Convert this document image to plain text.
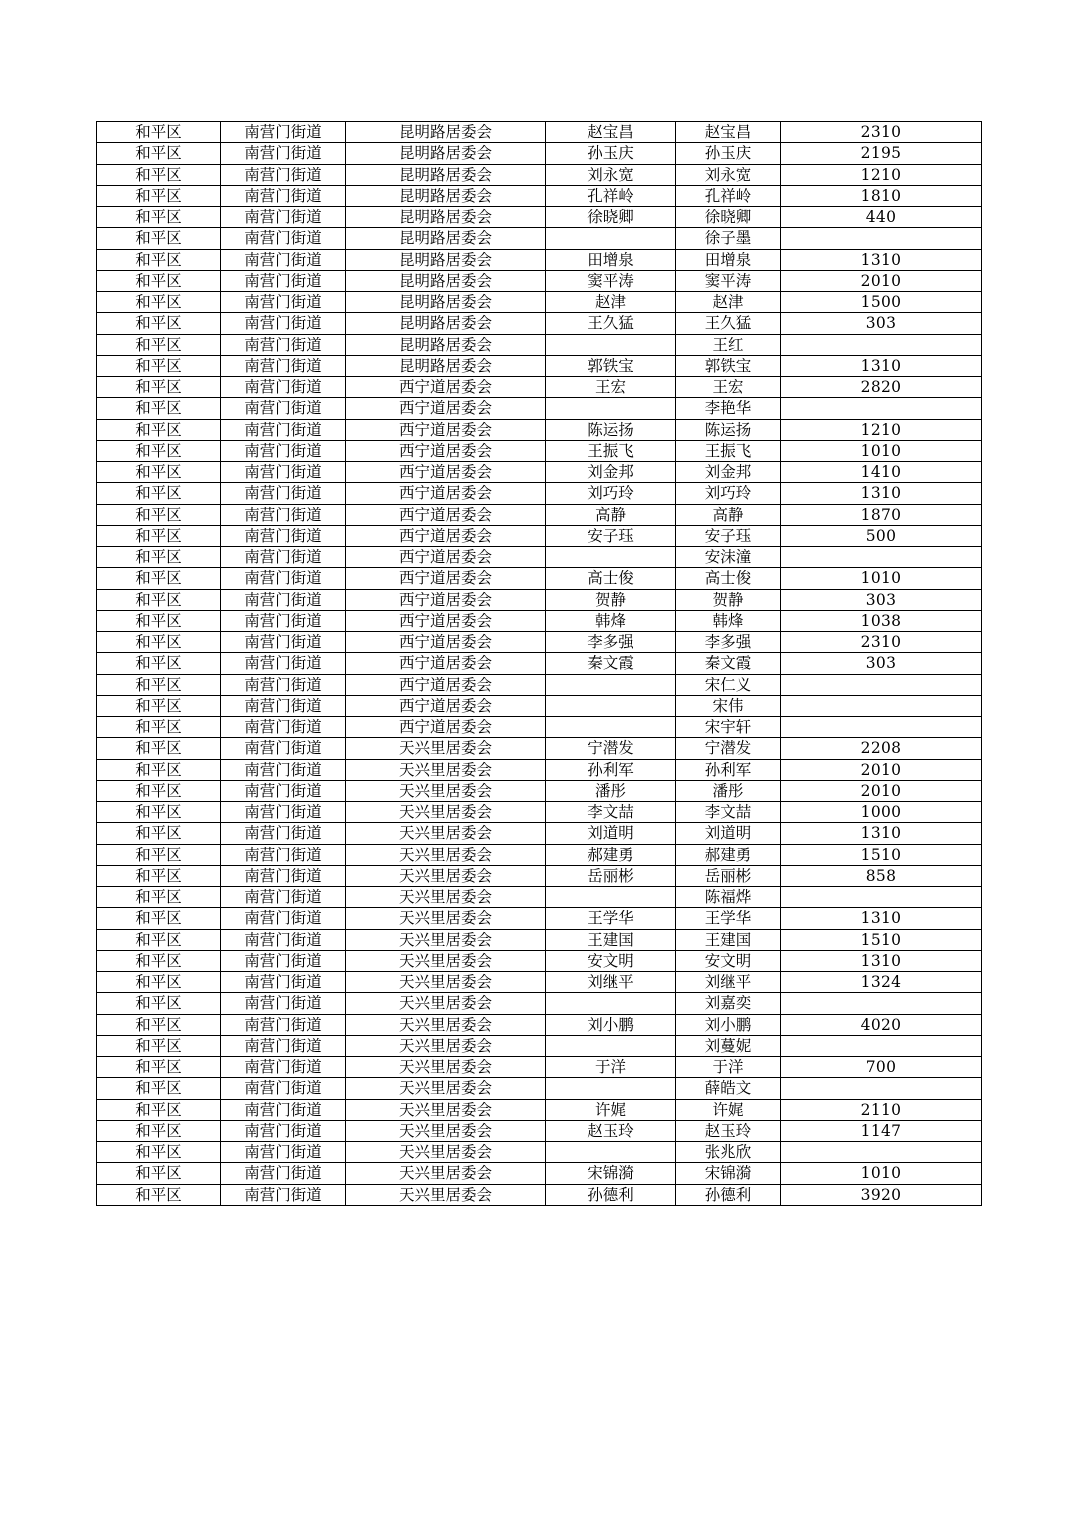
和平区	南营门街道	昆明路居委会	赵宝昌	赵宝昌	2310
和平区	南营门街道	昆明路居委会	孙玉庆	孙玉庆	2195
和平区	南营门街道	昆明路居委会	刘永宽	刘永宽	1210
和平区	南营门街道	昆明路居委会	孔祥岭	孔祥岭	1810
和平区	南营门街道	昆明路居委会	徐晓卿	徐晓卿	440
和平区	南营门街道	昆明路居委会		徐子墨	
和平区	南营门街道	昆明路居委会	田增泉	田增泉	1310
和平区	南营门街道	昆明路居委会	窦平涛	窦平涛	2010
和平区	南营门街道	昆明路居委会	赵津	赵津	1500
和平区	南营门街道	昆明路居委会	王久猛	王久猛	303
和平区	南营门街道	昆明路居委会		王红	
和平区	南营门街道	昆明路居委会	郭铁宝	郭铁宝	1310
和平区	南营门街道	西宁道居委会	王宏	王宏	2820
和平区	南营门街道	西宁道居委会		李艳华	
和平区	南营门街道	西宁道居委会	陈运扬	陈运扬	1210
和平区	南营门街道	西宁道居委会	王振飞	王振飞	1010
和平区	南营门街道	西宁道居委会	刘金邦	刘金邦	1410
和平区	南营门街道	西宁道居委会	刘巧玲	刘巧玲	1310
和平区	南营门街道	西宁道居委会	高静	高静	1870
和平区	南营门街道	西宁道居委会	安子珏	安子珏	500
和平区	南营门街道	西宁道居委会		安沫潼	
和平区	南营门街道	西宁道居委会	高士俊	高士俊	1010
和平区	南营门街道	西宁道居委会	贺静	贺静	303
和平区	南营门街道	西宁道居委会	韩烽	韩烽	1038
和平区	南营门街道	西宁道居委会	李多强	李多强	2310
和平区	南营门街道	西宁道居委会	秦文霞	秦文霞	303
和平区	南营门街道	西宁道居委会		宋仁义	
和平区	南营门街道	西宁道居委会		宋伟	
和平区	南营门街道	西宁道居委会		宋宇轩	
和平区	南营门街道	天兴里居委会	宁潜发	宁潜发	2208
和平区	南营门街道	天兴里居委会	孙利军	孙利军	2010
和平区	南营门街道	天兴里居委会	潘彤	潘彤	2010
和平区	南营门街道	天兴里居委会	李文喆	李文喆	1000
和平区	南营门街道	天兴里居委会	刘道明	刘道明	1310
和平区	南营门街道	天兴里居委会	郝建勇	郝建勇	1510
和平区	南营门街道	天兴里居委会	岳丽彬	岳丽彬	858
和平区	南营门街道	天兴里居委会		陈福烨	
和平区	南营门街道	天兴里居委会	王学华	王学华	1310
和平区	南营门街道	天兴里居委会	王建国	王建国	1510
和平区	南营门街道	天兴里居委会	安文明	安文明	1310
和平区	南营门街道	天兴里居委会	刘继平	刘继平	1324
和平区	南营门街道	天兴里居委会		刘嘉奕	
和平区	南营门街道	天兴里居委会	刘小鹏	刘小鹏	4020
和平区	南营门街道	天兴里居委会		刘蔓妮	
和平区	南营门街道	天兴里居委会	于洋	于洋	700
和平区	南营门街道	天兴里居委会		薛皓文	
和平区	南营门街道	天兴里居委会	许娓	许娓	2110
和平区	南营门街道	天兴里居委会	赵玉玲	赵玉玲	1147
和平区	南营门街道	天兴里居委会		张兆欣	
和平区	南营门街道	天兴里居委会	宋锦漪	宋锦漪	1010
和平区	南营门街道	天兴里居委会	孙德利	孙德利	3920
